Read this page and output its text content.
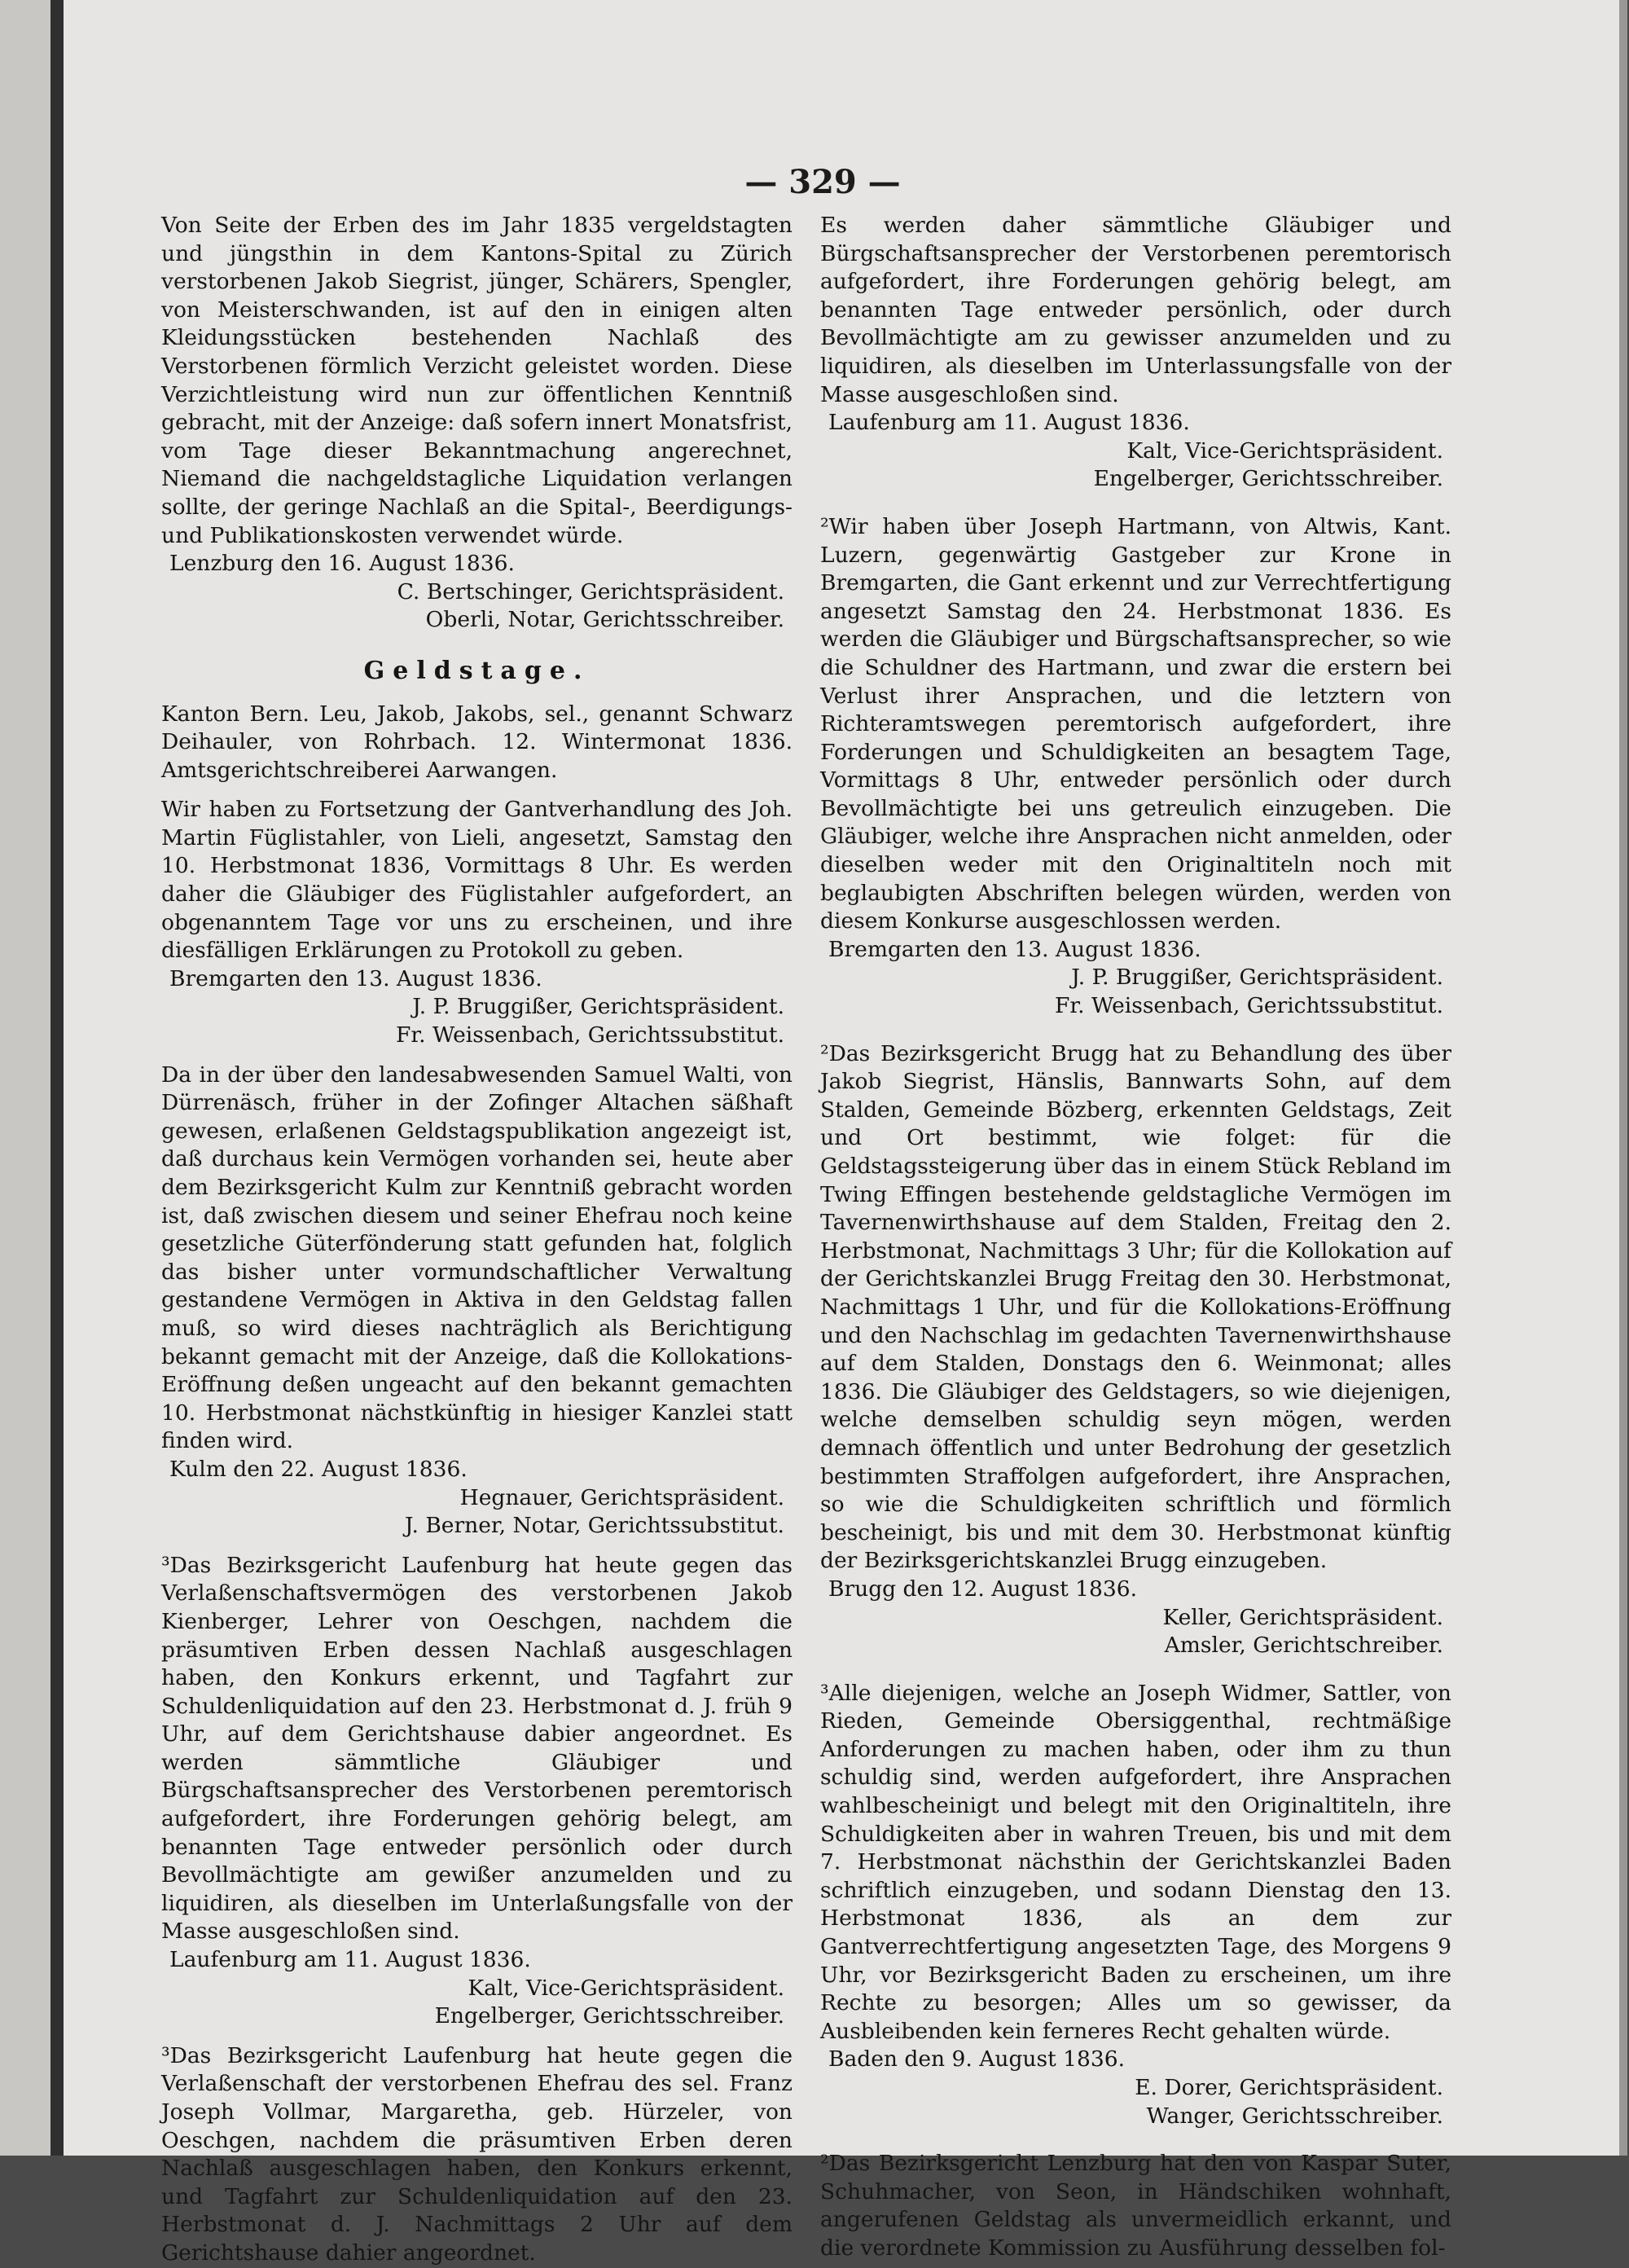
— 329 —

Von Seite der Erben des im Jahr 1835 vergeldstagten und jüngsthin in dem Kantons-Spital zu Zürich verstorbenen Jakob Siegrist, jünger, Schärers, Spengler, von Meisterschwanden, ist auf den in einigen alten Kleidungsstücken bestehenden Nachlaß des Verstorbenen förmlich Verzicht geleistet worden. Diese Verzichtleistung wird nun zur öffentlichen Kenntniß gebracht, mit der Anzeige: daß sofern innert Monatsfrist, vom Tage dieser Bekanntmachung angerechnet, Niemand die nachgeldstagliche Liquidation verlangen sollte, der geringe Nachlaß an die Spital-, Beerdigungs- und Publikationskosten verwendet würde.

Lenzburg den 16. August 1836.

C. Bertschinger, Gerichtspräsident.

Oberli, Notar, Gerichtsschreiber.

Geldstage.

Kanton Bern. Leu, Jakob, Jakobs, sel., genannt Schwarz Deihauler, von Rohrbach. 12. Wintermonat 1836. Amtsgerichtschreiberei Aarwangen.

Wir haben zu Fortsetzung der Gantverhandlung des Joh. Martin Füglistahler, von Lieli, angesetzt, Samstag den 10. Herbstmonat 1836, Vormittags 8 Uhr. Es werden daher die Gläubiger des Füglistahler aufgefordert, an obgenanntem Tage vor uns zu erscheinen, und ihre diesfälligen Erklärungen zu Protokoll zu geben.

Bremgarten den 13. August 1836.

J. P. Bruggißer, Gerichtspräsident.

Fr. Weissenbach, Gerichtssubstitut.

Da in der über den landesabwesenden Samuel Walti, von Dürrenäsch, früher in der Zofinger Altachen säßhaft gewesen, erlaßenen Geldstagspublikation angezeigt ist, daß durchaus kein Vermögen vorhanden sei, heute aber dem Bezirksgericht Kulm zur Kenntniß gebracht worden ist, daß zwischen diesem und seiner Ehefrau noch keine gesetzliche Güterfönderung statt gefunden hat, folglich das bisher unter vormundschaftlicher Verwaltung gestandene Vermögen in Aktiva in den Geldstag fallen muß, so wird dieses nachträglich als Berichtigung bekannt gemacht mit der Anzeige, daß die Kollokations-Eröffnung deßen ungeacht auf den bekannt gemachten 10. Herbstmonat nächstkünftig in hiesiger Kanzlei statt finden wird.

Kulm den 22. August 1836.

Hegnauer, Gerichtspräsident.

J. Berner, Notar, Gerichtssubstitut.

³Das Bezirksgericht Laufenburg hat heute gegen das Verlaßenschaftsvermögen des verstorbenen Jakob Kienberger, Lehrer von Oeschgen, nachdem die präsumtiven Erben dessen Nachlaß ausgeschlagen haben, den Konkurs erkennt, und Tagfahrt zur Schuldenliquidation auf den 23. Herbstmonat d. J. früh 9 Uhr, auf dem Gerichtshause dabier angeordnet. Es werden sämmtliche Gläubiger und Bürgschaftsansprecher des Verstorbenen peremtorisch aufgefordert, ihre Forderungen gehörig belegt, am benannten Tage entweder persönlich oder durch Bevollmächtigte am gewißer anzumelden und zu liquidiren, als dieselben im Unterlaßungsfalle von der Masse ausgeschloßen sind.

Laufenburg am 11. August 1836.

Kalt, Vice-Gerichtspräsident.

Engelberger, Gerichtsschreiber.

³Das Bezirksgericht Laufenburg hat heute gegen die Verlaßenschaft der verstorbenen Ehefrau des sel. Franz Joseph Vollmar, Margaretha, geb. Hürzeler, von Oeschgen, nachdem die präsumtiven Erben deren Nachlaß ausgeschlagen haben, den Konkurs erkennt, und Tagfahrt zur Schuldenliquidation auf den 23. Herbstmonat d. J. Nachmittags 2 Uhr auf dem Gerichtshause dahier angeordnet.

Es werden daher sämmtliche Gläubiger und Bürgschaftsansprecher der Verstorbenen peremtorisch aufgefordert, ihre Forderungen gehörig belegt, am benannten Tage entweder persönlich, oder durch Bevollmächtigte am zu gewisser anzumelden und zu liquidiren, als dieselben im Unterlassungsfalle von der Masse ausgeschloßen sind.

Laufenburg am 11. August 1836.

Kalt, Vice-Gerichtspräsident.

Engelberger, Gerichtsschreiber.

²Wir haben über Joseph Hartmann, von Altwis, Kant. Luzern, gegenwärtig Gastgeber zur Krone in Bremgarten, die Gant erkennt und zur Verrechtfertigung angesetzt Samstag den 24. Herbstmonat 1836. Es werden die Gläubiger und Bürgschaftsansprecher, so wie die Schuldner des Hartmann, und zwar die erstern bei Verlust ihrer Ansprachen, und die letztern von Richteramtswegen peremtorisch aufgefordert, ihre Forderungen und Schuldigkeiten an besagtem Tage, Vormittags 8 Uhr, entweder persönlich oder durch Bevollmächtigte bei uns getreulich einzugeben. Die Gläubiger, welche ihre Ansprachen nicht anmelden, oder dieselben weder mit den Originaltiteln noch mit beglaubigten Abschriften belegen würden, werden von diesem Konkurse ausgeschlossen werden.

Bremgarten den 13. August 1836.

J. P. Bruggißer, Gerichtspräsident.

Fr. Weissenbach, Gerichtssubstitut.

²Das Bezirksgericht Brugg hat zu Behandlung des über Jakob Siegrist, Hänslis, Bannwarts Sohn, auf dem Stalden, Gemeinde Bözberg, erkennten Geldstags, Zeit und Ort bestimmt, wie folget: für die Geldstagssteigerung über das in einem Stück Rebland im Twing Effingen bestehende geldstagliche Vermögen im Tavernenwirthshause auf dem Stalden, Freitag den 2. Herbstmonat, Nachmittags 3 Uhr; für die Kollokation auf der Gerichtskanzlei Brugg Freitag den 30. Herbstmonat, Nachmittags 1 Uhr, und für die Kollokations-Eröffnung und den Nachschlag im gedachten Tavernenwirthshause auf dem Stalden, Donstags den 6. Weinmonat; alles 1836. Die Gläubiger des Geldstagers, so wie diejenigen, welche demselben schuldig seyn mögen, werden demnach öffentlich und unter Bedrohung der gesetzlich bestimmten Straffolgen aufgefordert, ihre Ansprachen, so wie die Schuldigkeiten schriftlich und förmlich bescheinigt, bis und mit dem 30. Herbstmonat künftig der Bezirksgerichtskanzlei Brugg einzugeben.

Brugg den 12. August 1836.

Keller, Gerichtspräsident.

Amsler, Gerichtschreiber.

³Alle diejenigen, welche an Joseph Widmer, Sattler, von Rieden, Gemeinde Obersiggenthal, rechtmäßige Anforderungen zu machen haben, oder ihm zu thun schuldig sind, werden aufgefordert, ihre Ansprachen wahlbescheinigt und belegt mit den Originaltiteln, ihre Schuldigkeiten aber in wahren Treuen, bis und mit dem 7. Herbstmonat nächsthin der Gerichtskanzlei Baden schriftlich einzugeben, und sodann Dienstag den 13. Herbstmonat 1836, als an dem zur Gantverrechtfertigung angesetzten Tage, des Morgens 9 Uhr, vor Bezirksgericht Baden zu erscheinen, um ihre Rechte zu besorgen; Alles um so gewisser, da Ausbleibenden kein ferneres Recht gehalten würde.

Baden den 9. August 1836.

E. Dorer, Gerichtspräsident.

Wanger, Gerichtsschreiber.

²Das Bezirksgericht Lenzburg hat den von Kaspar Suter, Schuhmacher, von Seon, in Händschiken wohnhaft, angerufenen Geldstag als unvermeidlich erkannt, und die verordnete Kommission zu Ausführung desselben fol-
